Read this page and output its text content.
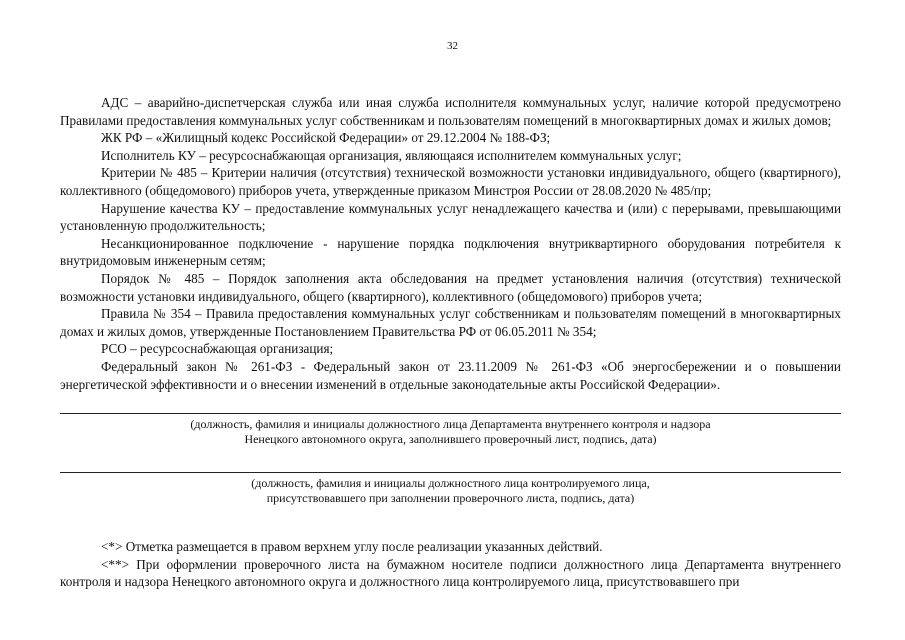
32

АДС – аварийно-диспетчерская служба или иная служба исполнителя коммунальных услуг, наличие которой предусмотрено Правилами предоставления коммунальных услуг собственникам и пользователям помещений в многоквартирных домах и жилых домов;

ЖК РФ – «Жилищный кодекс Российской Федерации» от 29.12.2004 № 188-ФЗ;

Исполнитель КУ – ресурсоснабжающая организация, являющаяся исполнителем коммунальных услуг;

Критерии № 485 – Критерии наличия (отсутствия) технической возможности установки индивидуального, общего (квартирного), коллективного (общедомового) приборов учета, утвержденные приказом Минстроя России от 28.08.2020 № 485/пр;

Нарушение качества КУ – предоставление коммунальных услуг ненадлежащего качества и (или) с перерывами, превышающими установленную продолжительность;

Несанкционированное подключение - нарушение порядка подключения внутриквартирного оборудования потребителя к внутридомовым инженерным сетям;

Порядок № 485 – Порядок заполнения акта обследования на предмет установления наличия (отсутствия) технической возможности установки индивидуального, общего (квартирного), коллективного (общедомового) приборов учета;

Правила № 354 – Правила предоставления коммунальных услуг собственникам и пользователям помещений в многоквартирных домах и жилых домов, утвержденные Постановлением Правительства РФ от 06.05.2011 № 354;

РСО – ресурсоснабжающая организация;

Федеральный закон № 261-ФЗ - Федеральный закон от 23.11.2009 № 261-ФЗ «Об энергосбережении и о повышении энергетической эффективности и о внесении изменений в отдельные законодательные акты Российской Федерации».

(должность, фамилия и инициалы должностного лица Департамента внутреннего контроля и надзора
Ненецкого автономного округа, заполнившего проверочный лист, подпись, дата)
(должность, фамилия и инициалы должностного лица контролируемого лица,
присутствовавшего при заполнении проверочного листа, подпись, дата)

<*> Отметка размещается в правом верхнем углу после реализации указанных действий.

<**> При оформлении проверочного листа на бумажном носителе подписи должностного лица Департамента внутреннего контроля и надзора Ненецкого автономного округа и должностного лица контролируемого лица, присутствовавшего при
